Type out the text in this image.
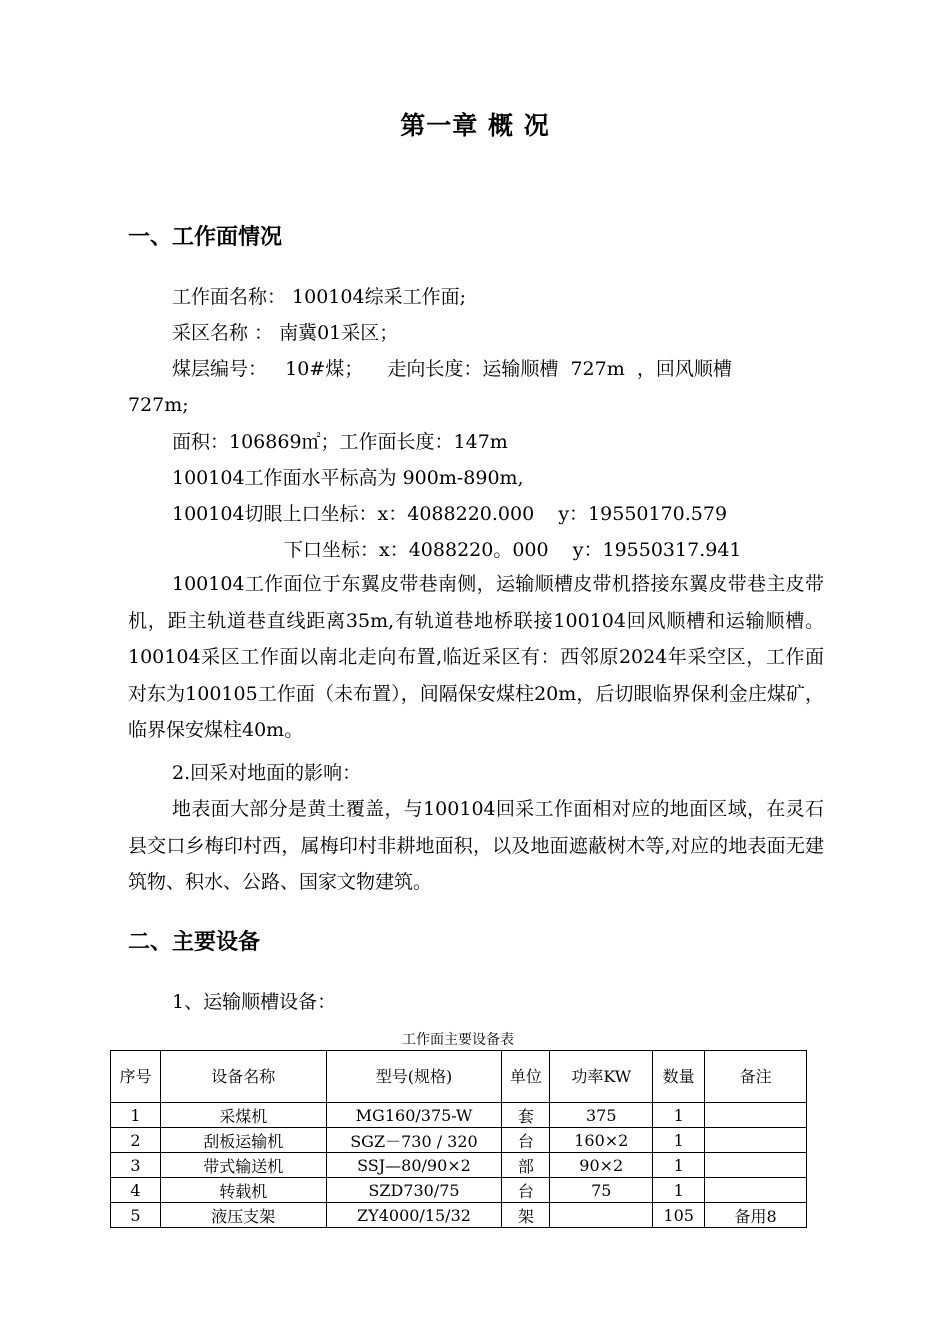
第一章 概 况
一、工作面情况
工作面名称： 100104综采工作面;
采区名称 ： 南冀01采区；
煤层编号：   10#煤；    走向长度：运输顺槽  727m  ，回风顺槽
727m;
面积：106869㎡；工作面长度：147m
100104工作面水平标高为 900m-890m,
100104切眼上口坐标：x：4088220.000    y：19550170.579
下口坐标：x：4088220。000    y：19550317.941
100104工作面位于东翼皮带巷南侧，运输顺槽皮带机搭接东翼皮带巷主皮带机，距主轨道巷直线距离35m,有轨道巷地桥联接100104回风顺槽和运输顺槽。100104采区工作面以南北走向布置,临近采区有：西邻原2024年采空区，工作面对东为100105工作面（未布置），间隔保安煤柱20m，后切眼临界保利金庄煤矿，临界保安煤柱40m。
2.回采对地面的影响：
地表面大部分是黄土覆盖，与100104回采工作面相对应的地面区域，在灵石县交口乡梅印村西，属梅印村非耕地面积，以及地面遮蔽树木等,对应的地表面无建筑物、积水、公路、国家文物建筑。
二、主要设备
1、运输顺槽设备：
工作面主要设备表
序号	设备名称	型号(规格)	单位	功率KW	数量	备注
1	采煤机	MG160/375-W	套	375	1	
2	刮板运输机	SGZ－730 / 320	台	160×2	1	
3	带式输送机	SSJ—80/90×2	部	90×2	1	
4	转载机	SZD730/75	台	75	1	
5	液压支架	ZY4000/15/32	架		105	备用8
